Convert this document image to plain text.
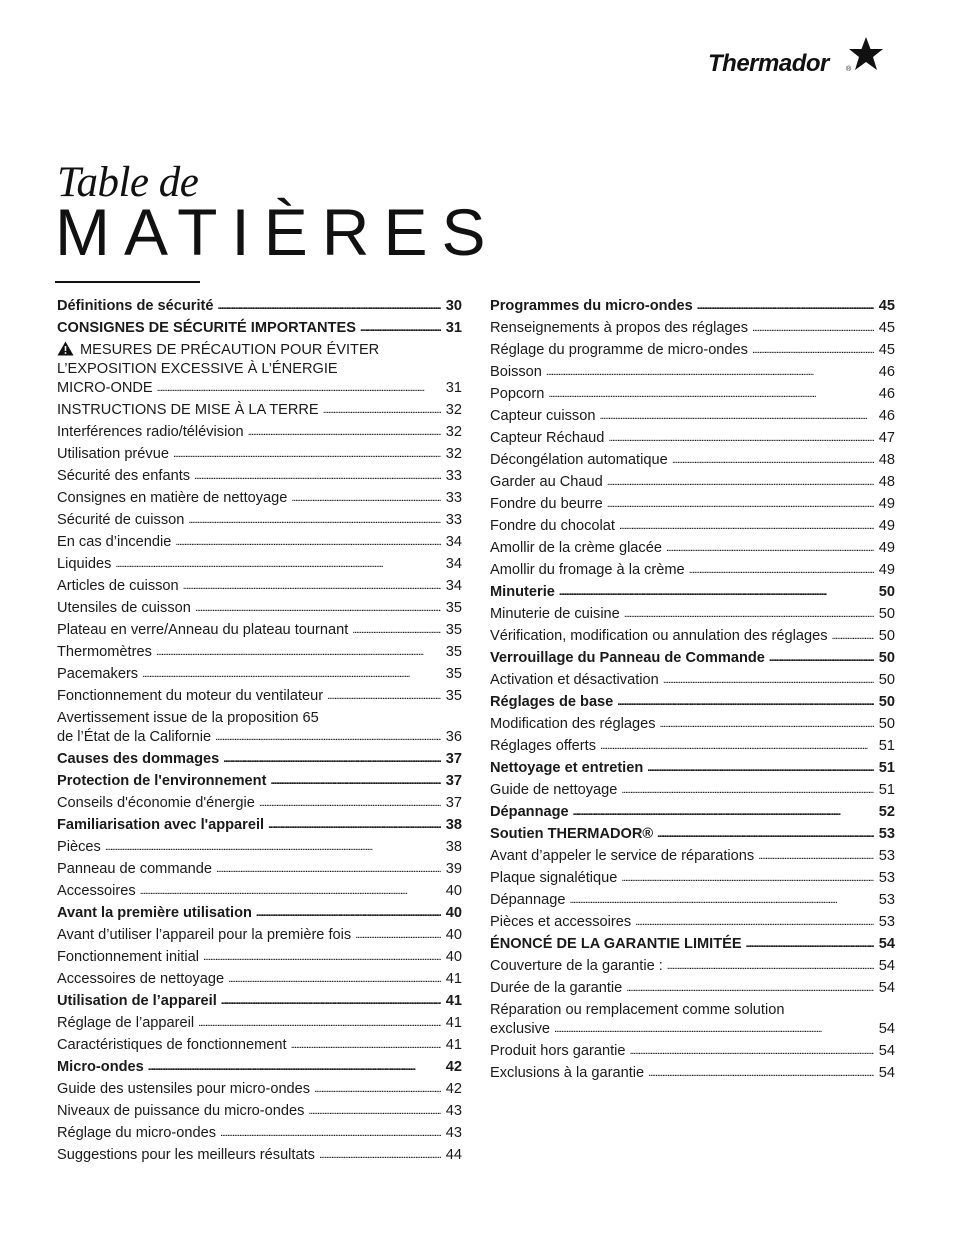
Thermador ®
Table de
MATIÈRES
Définitions de sécurité . . .	30
CONSIGNES DE SÉCURITÉ IMPORTANTES . . .	31
MESURES DE PRÉCAUTION POUR ÉVITER
L’EXPOSITION EXCESSIVE À L’ÉNERGIE
MICRO-ONDE . . .	31
INSTRUCTIONS DE MISE À LA TERRE . . .	32
Interférences radio/télévision . . .	32
Utilisation prévue . . .	32
Sécurité des enfants . . .	33
Consignes en matière de nettoyage . . .	33
Sécurité de cuisson . . .	33
En cas d’incendie . . .	34
Liquides . . .	34
Articles de cuisson . . .	34
Utensiles de cuisson . . .	35
Plateau en verre/Anneau du plateau tournant . . .	35
Thermomètres . . .	35
Pacemakers . . .	35
Fonctionnement du moteur du ventilateur . . .	35
Avertissement issue de la proposition 65
de l’État de la Californie . . .	36
Causes des dommages . . .	37
Protection de l'environnement . . .	37
Conseils d'économie d'énergie . . .	37
Familiarisation avec l'appareil . . .	38
Pièces . . .	38
Panneau de commande . . .	39
Accessoires . . .	40
Avant la première utilisation . . .	40
Avant d’utiliser l’appareil pour la première fois . . .	40
Fonctionnement initial . . .	40
Accessoires de nettoyage . . .	41
Utilisation de l’appareil . . .	41
Réglage de l’appareil . . .	41
Caractéristiques de fonctionnement . . .	41
Micro-ondes . . .	42
Guide des ustensiles pour micro-ondes . . .	42
Niveaux de puissance du micro-ondes . . .	43
Réglage du micro-ondes . . .	43
Suggestions pour les meilleurs résultats . . .	44
Programmes du micro-ondes . . .	45
Renseignements à propos des réglages . . .	45
Réglage du programme de micro-ondes . . .	45
Boisson . . .	46
Popcorn . . .	46
Capteur cuisson . . .	46
Capteur Réchaud . . .	47
Décongélation automatique . . .	48
Garder au Chaud . . .	48
Fondre du beurre . . .	49
Fondre du chocolat . . .	49
Amollir de la crème glacée . . .	49
Amollir du fromage à la crème . . .	49
Minuterie . . .	50
Minuterie de cuisine . . .	50
Vérification, modification ou annulation des réglages . . .	50
Verrouillage du Panneau de Commande . . .	50
Activation et désactivation . . .	50
Réglages de base . . .	50
Modification des réglages . . .	50
Réglages offerts . . .	51
Nettoyage et entretien . . .	51
Guide de nettoyage . . .	51
Dépannage . . .	52
Soutien THERMADOR® . . .	53
Avant d’appeler le service de réparations . . .	53
Plaque signalétique . . .	53
Dépannage . . .	53
Pièces et accessoires . . .	53
ÉNONCÉ DE LA GARANTIE LIMITÉE . . .	54
Couverture de la garantie : . . .	54
Durée de la garantie . . .	54
Réparation ou remplacement comme solution
exclusive . . .	54
Produit hors garantie . . .	54
Exclusions à la garantie . . .	54
